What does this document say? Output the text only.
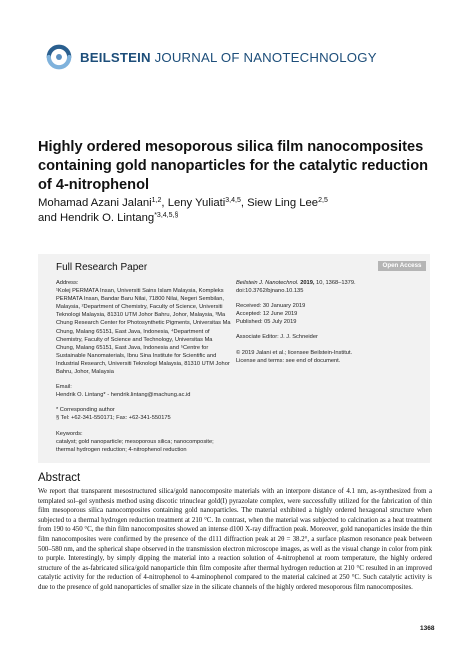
BEILSTEIN JOURNAL OF NANOTECHNOLOGY
Highly ordered mesoporous silica film nanocomposites containing gold nanoparticles for the catalytic reduction of 4-nitrophenol
Mohamad Azani Jalani$^{1,2}$, Leny Yuliati$^{3,4,5}$, Siew Ling Lee$^{2,5}$
and Hendrik O. Lintang$^{*3,4,5,\S}$
Full Research Paper	Open Access

Address:

¹Kolej PERMATA Insan, Universiti Sains Islam Malaysia, Kompleks PERMATA Insan, Bandar Baru Nilai, 71800 Nilai, Negeri Sembilan, Malaysia, ²Department of Chemistry, Faculty of Science, Universiti Teknologi Malaysia, 81310 UTM Johor Bahru, Johor, Malaysia, ³Ma Chung Research Center for Photosynthetic Pigments, Universitas Ma Chung, Malang 65151, East Java, Indonesia, ⁴Department of Chemistry, Faculty of Science and Technology, Universitas Ma Chung, Malang 65151, East Java, Indonesia and ⁵Centre for Sustainable Nanomaterials, Ibnu Sina Institute for Scientific and Industrial Research, Universiti Teknologi Malaysia, 81310 UTM Johor Bahru, Johor, Malaysia

Email:

Hendrik O. Lintang* - hendrik.lintang@machung.ac.id

* Corresponding author

§ Tel: +62-341-550171; Fax: +62-341-550175

Keywords:

catalyst; gold nanoparticle; mesoporous silica; nanocomposite; thermal hydrogen reduction; 4-nitrophenol reduction

Beilstein J. Nanotechnol. 2019, 10, 1368–1379.

doi:10.3762/bjnano.10.135

Received: 30 January 2019

Accepted: 12 June 2019

Published: 05 July 2019

Associate Editor: J. J. Schneider

© 2019 Jalani et al.; licensee Beilstein-Institut.

License and terms: see end of document.

Abstract

We report that transparent mesostructured silica/gold nanocomposite materials with an interpore distance of 4.1 nm, as-synthesized from a templated sol–gel synthesis method using discotic trinuclear gold(I) pyrazolate complex, were successfully utilized for the fabrication of thin film mesoporous silica nanocomposites containing gold nanoparticles. The material exhibited a highly ordered hexagonal structure when subjected to a thermal hydrogen reduction treatment at 210 °C. In contrast, when the material was subjected to calcination as a heat treatment from 190 to 450 °C, the thin film nanocomposites showed an intense d100 X-ray diffraction peak. Moreover, gold nanoparticles inside the thin film nanocomposites were confirmed by the presence of the d111 diffraction peak at 2θ = 38.2°, a surface plasmon resonance peak between 500–580 nm, and the spherical shape observed in the transmission electron microscope images, as well as the visual change in color from pink to purple. Interestingly, by simply dipping the material into a reaction solution of 4-nitrophenol at room temperature, the highly ordered structure of the as-fabricated silica/gold nanoparticle thin film composite after thermal hydrogen reduction at 210 °C resulted in an improved catalytic activity for the reduction of 4-nitrophenol to 4-aminophenol compared to the material calcined at 250 °C. Such catalytic activity is due to the presence of gold nanoparticles of smaller size in the silicate channels of the highly ordered mesoporous film nanocomposites.

1368
